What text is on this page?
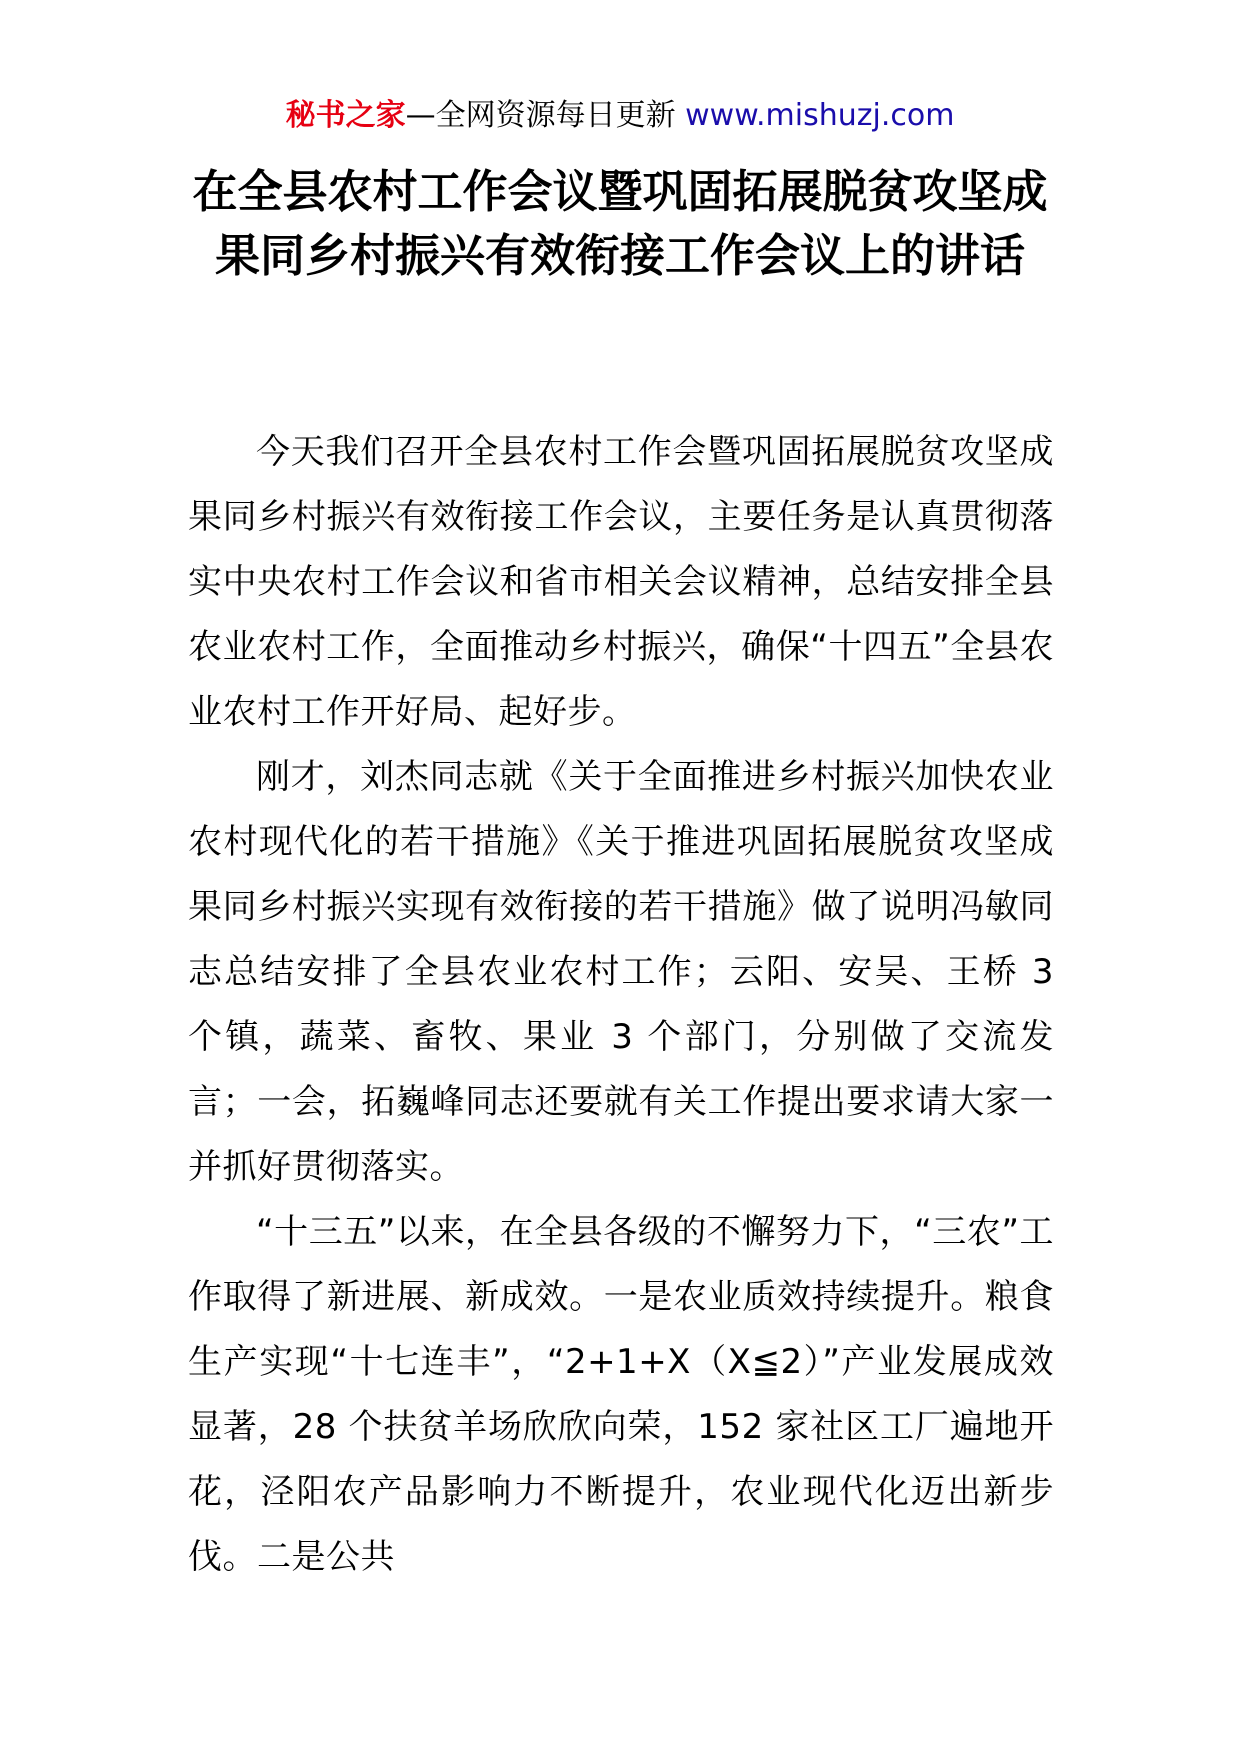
秘书之家—全网资源每日更新 www.mishuzj.com
在全县农村工作会议暨巩固拓展脱贫攻坚成果同乡村振兴有效衔接工作会议上的讲话

今天我们召开全县农村工作会暨巩固拓展脱贫攻坚成果同乡村振兴有效衔接工作会议，主要任务是认真贯彻落实中央农村工作会议和省市相关会议精神，总结安排全县农业农村工作，全面推动乡村振兴，确保“十四五”全县农业农村工作开好局、起好步。

刚才，刘杰同志就《关于全面推进乡村振兴加快农业农村现代化的若干措施》《关于推进巩固拓展脱贫攻坚成果同乡村振兴实现有效衔接的若干措施》做了说明冯敏同志总结安排了全县农业农村工作；云阳、安吴、王桥 3 个镇，蔬菜、畜牧、果业 3 个部门，分别做了交流发言；一会，拓巍峰同志还要就有关工作提出要求请大家一并抓好贯彻落实。

“十三五”以来，在全县各级的不懈努力下，“三农”工作取得了新进展、新成效。一是农业质效持续提升。粮食生产实现“十七连丰”，“2+1+X（X≦2）”产业发展成效显著，28 个扶贫羊场欣欣向荣，152 家社区工厂遍地开花，泾阳农产品影响力不断提升，农业现代化迈出新步伐。二是公共
